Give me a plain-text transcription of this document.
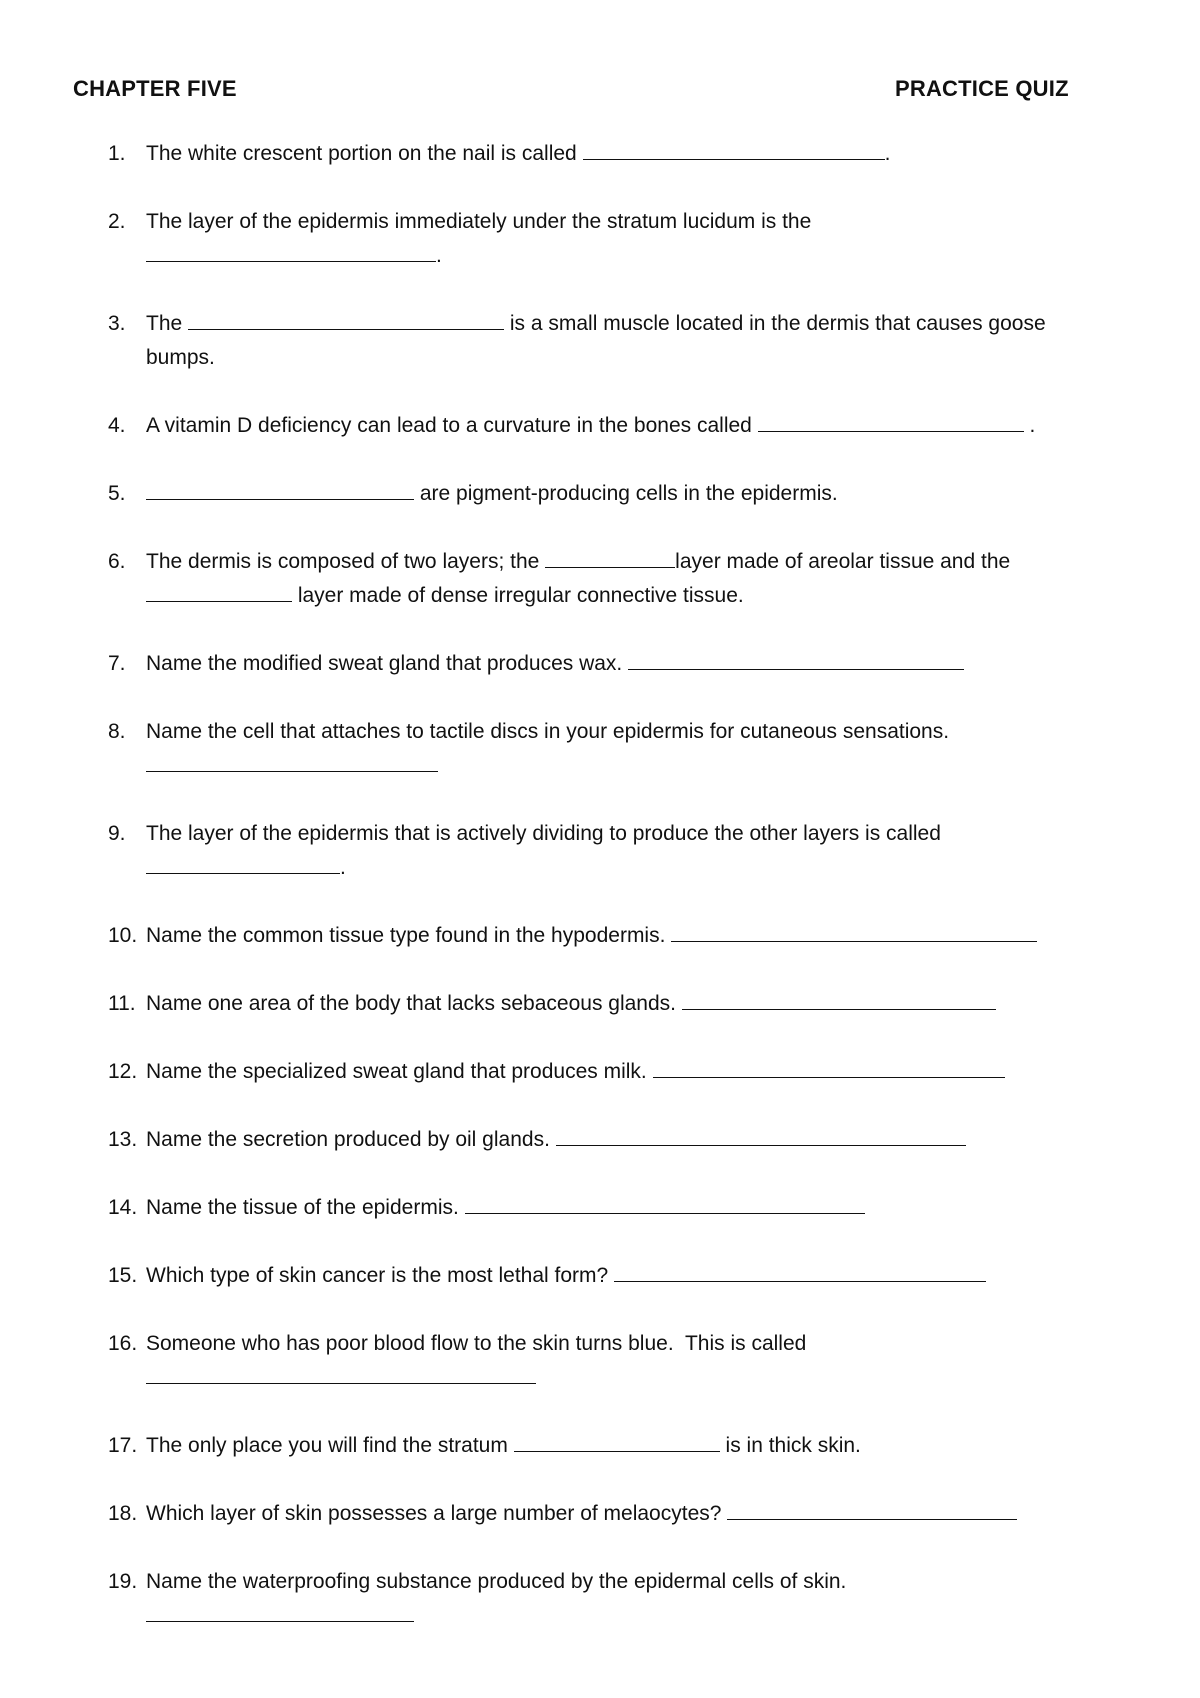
CHAPTER FIVE	PRACTICE QUIZ
1. The white crescent portion on the nail is called	.
2. The layer of the epidermis immediately under the stratum lucidum is the
.
3. The	is a small muscle located in the dermis that causes goose
bumps.
4. A vitamin D deficiency can lead to a curvature in the bones called	.
5.	are pigment-producing cells in the epidermis.
6. The dermis is composed of two layers; the	layer made of areolar tissue and the
layer made of dense irregular connective tissue.
7. Name the modified sweat gland that produces wax.
8. Name the cell that attaches to tactile discs in your epidermis for cutaneous sensations.
9. The layer of the epidermis that is actively dividing to produce the other layers is called
.
10. Name the common tissue type found in the hypodermis.
11. Name one area of the body that lacks sebaceous glands.
12. Name the specialized sweat gland that produces milk.
13. Name the secretion produced by oil glands.
14. Name the tissue of the epidermis.
15. Which type of skin cancer is the most lethal form?
16. Someone who has poor blood flow to the skin turns blue.  This is called
17. The only place you will find the stratum	is in thick skin.
18. Which layer of skin possesses a large number of melaocytes?
19. Name the waterproofing substance produced by the epidermal cells of skin.
